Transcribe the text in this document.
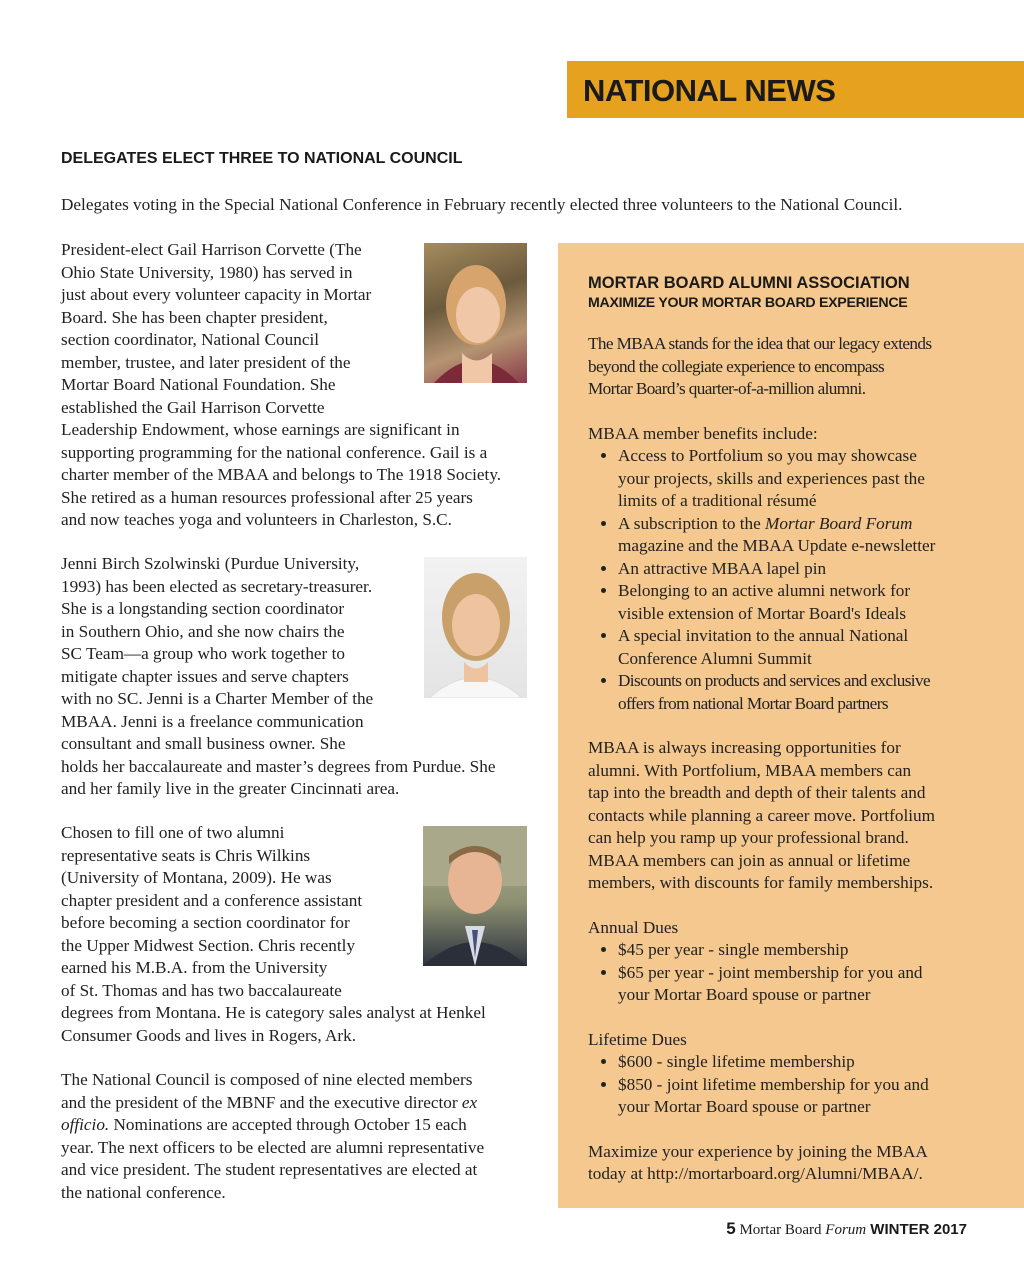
NATIONAL NEWS
DELEGATES ELECT THREE TO NATIONAL COUNCIL

Delegates voting in the Special National Conference in February recently elected three volunteers to the National Council.

President-elect Gail Harrison Corvette (The
Ohio State University, 1980) has served in
just about every volunteer capacity in Mortar
Board. She has been chapter president,
section coordinator, National Council
member, trustee, and later president of the
Mortar Board National Foundation. She
established the Gail Harrison Corvette
Leadership Endowment, whose earnings are significant in
supporting programming for the national conference. Gail is a
charter member of the MBAA and belongs to The 1918 Society.
She retired as a human resources professional after 25 years
and now teaches yoga and volunteers in Charleston, S.C.

Jenni Birch Szolwinski (Purdue University,
1993) has been elected as secretary-treasurer.
She is a longstanding section coordinator
in Southern Ohio, and she now chairs the
SC Team—a group who work together to
mitigate chapter issues and serve chapters
with no SC. Jenni is a Charter Member of the
MBAA. Jenni is a freelance communication
consultant and small business owner. She
holds her baccalaureate and master’s degrees from Purdue. She
and her family live in the greater Cincinnati area.

Chosen to fill one of two alumni
representative seats is Chris Wilkins
(University of Montana, 2009). He was
chapter president and a conference assistant
before becoming a section coordinator for
the Upper Midwest Section. Chris recently
earned his M.B.A. from the University
of St. Thomas and has two baccalaureate
degrees from Montana. He is category sales analyst at Henkel
Consumer Goods and lives in Rogers, Ark.

The National Council is composed of nine elected members
and the president of the MBNF and the executive director ex
officio. Nominations are accepted through October 15 each
year. The next officers to be elected are alumni representative
and vice president. The student representatives are elected at
the national conference.

MORTAR BOARD ALUMNI ASSOCIATION

MAXIMIZE YOUR MORTAR BOARD EXPERIENCE

The MBAA stands for the idea that our legacy extends
beyond the collegiate experience to encompass
Mortar Board’s quarter-of-a-million alumni.

MBAA member benefits include:

• Access to Portfolium so you may showcase
your projects, skills and experiences past the
limits of a traditional résumé
• A subscription to the Mortar Board Forum
magazine and the MBAA Update e-newsletter
• An attractive MBAA lapel pin
• Belonging to an active alumni network for
visible extension of Mortar Board's Ideals
• A special invitation to the annual National
Conference Alumni Summit
• Discounts on products and services and exclusive
offers from national Mortar Board partners

MBAA is always increasing opportunities for
alumni. With Portfolium, MBAA members can
tap into the breadth and depth of their talents and
contacts while planning a career move. Portfolium
can help you ramp up your professional brand.
MBAA members can join as annual or lifetime
members, with discounts for family memberships.

Annual Dues

• $45 per year - single membership
• $65 per year - joint membership for you and
your Mortar Board spouse or partner

Lifetime Dues

• $600 - single lifetime membership
• $850 - joint lifetime membership for you and
your Mortar Board spouse or partner

Maximize your experience by joining the MBAA
today at http://mortarboard.org/Alumni/MBAA/.

5 Mortar Board Forum WINTER 2017
